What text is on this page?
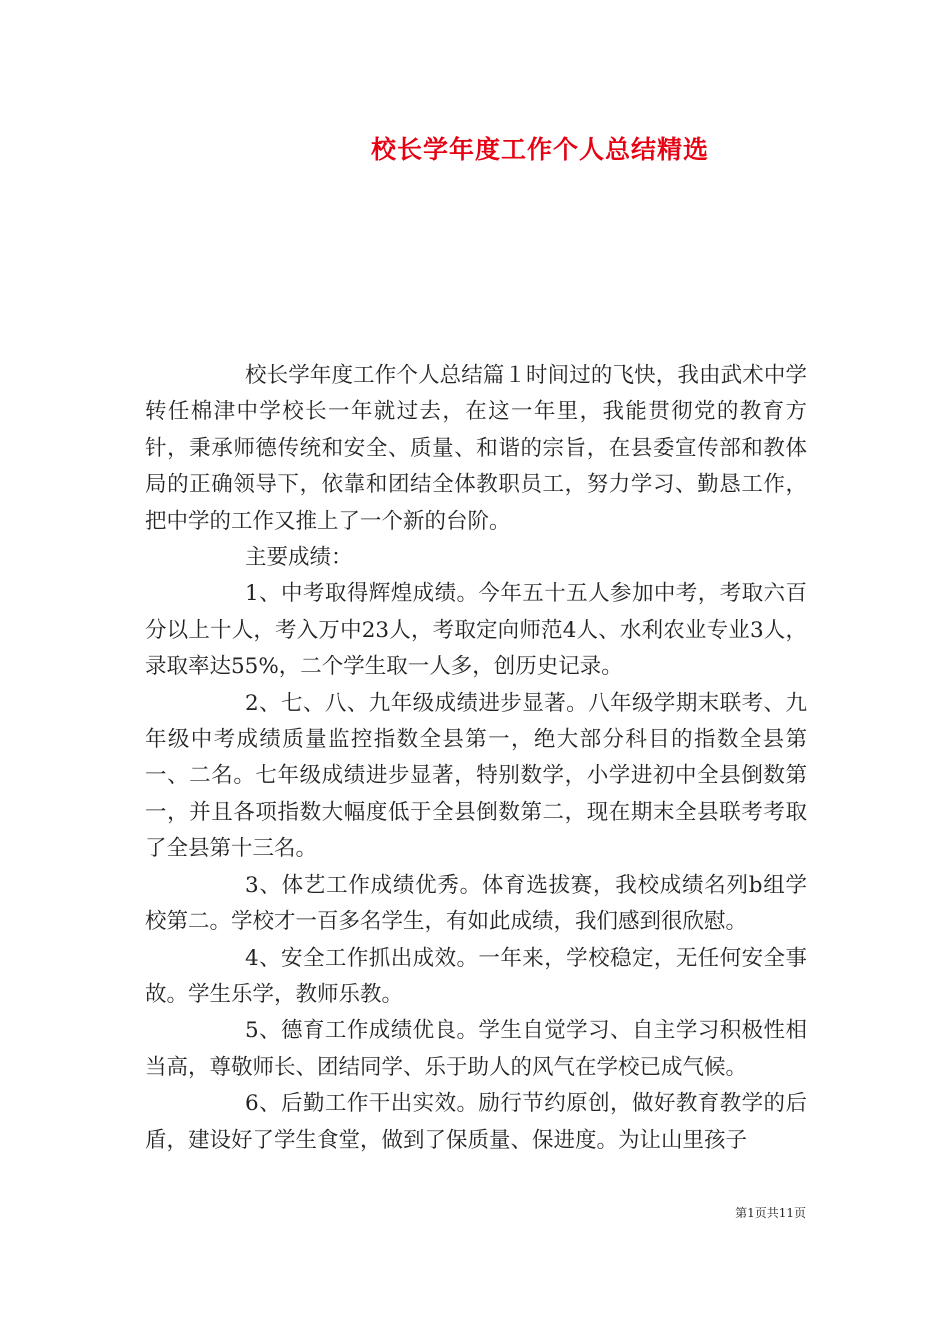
校长学年度工作个人总结精选

校长学年度工作个人总结篇１时间过的飞快，我由武术中学转任棉津中学校长一年就过去，在这一年里，我能贯彻党的教育方针，秉承师德传统和安全、质量、和谐的宗旨，在县委宣传部和教体局的正确领导下，依靠和团结全体教职员工，努力学习、勤恳工作，把中学的工作又推上了一个新的台阶。

主要成绩：

1、中考取得辉煌成绩。今年五十五人参加中考，考取六百分以上十人，考入万中23人，考取定向师范4人、水利农业专业3人，录取率达55%，二个学生取一人多，创历史记录。

2、七、八、九年级成绩进步显著。八年级学期末联考、九年级中考成绩质量监控指数全县第一，绝大部分科目的指数全县第一、二名。七年级成绩进步显著，特别数学，小学进初中全县倒数第一，并且各项指数大幅度低于全县倒数第二，现在期末全县联考考取了全县第十三名。

3、体艺工作成绩优秀。体育选拔赛，我校成绩名列b组学校第二。学校才一百多名学生，有如此成绩，我们感到很欣慰。

4、安全工作抓出成效。一年来，学校稳定，无任何安全事故。学生乐学，教师乐教。

5、德育工作成绩优良。学生自觉学习、自主学习积极性相当高，尊敬师长、团结同学、乐于助人的风气在学校已成气候。

6、后勤工作干出实效。励行节约原创，做好教育教学的后盾，建设好了学生食堂，做到了保质量、保进度。为让山里孩子

第1页共11页
